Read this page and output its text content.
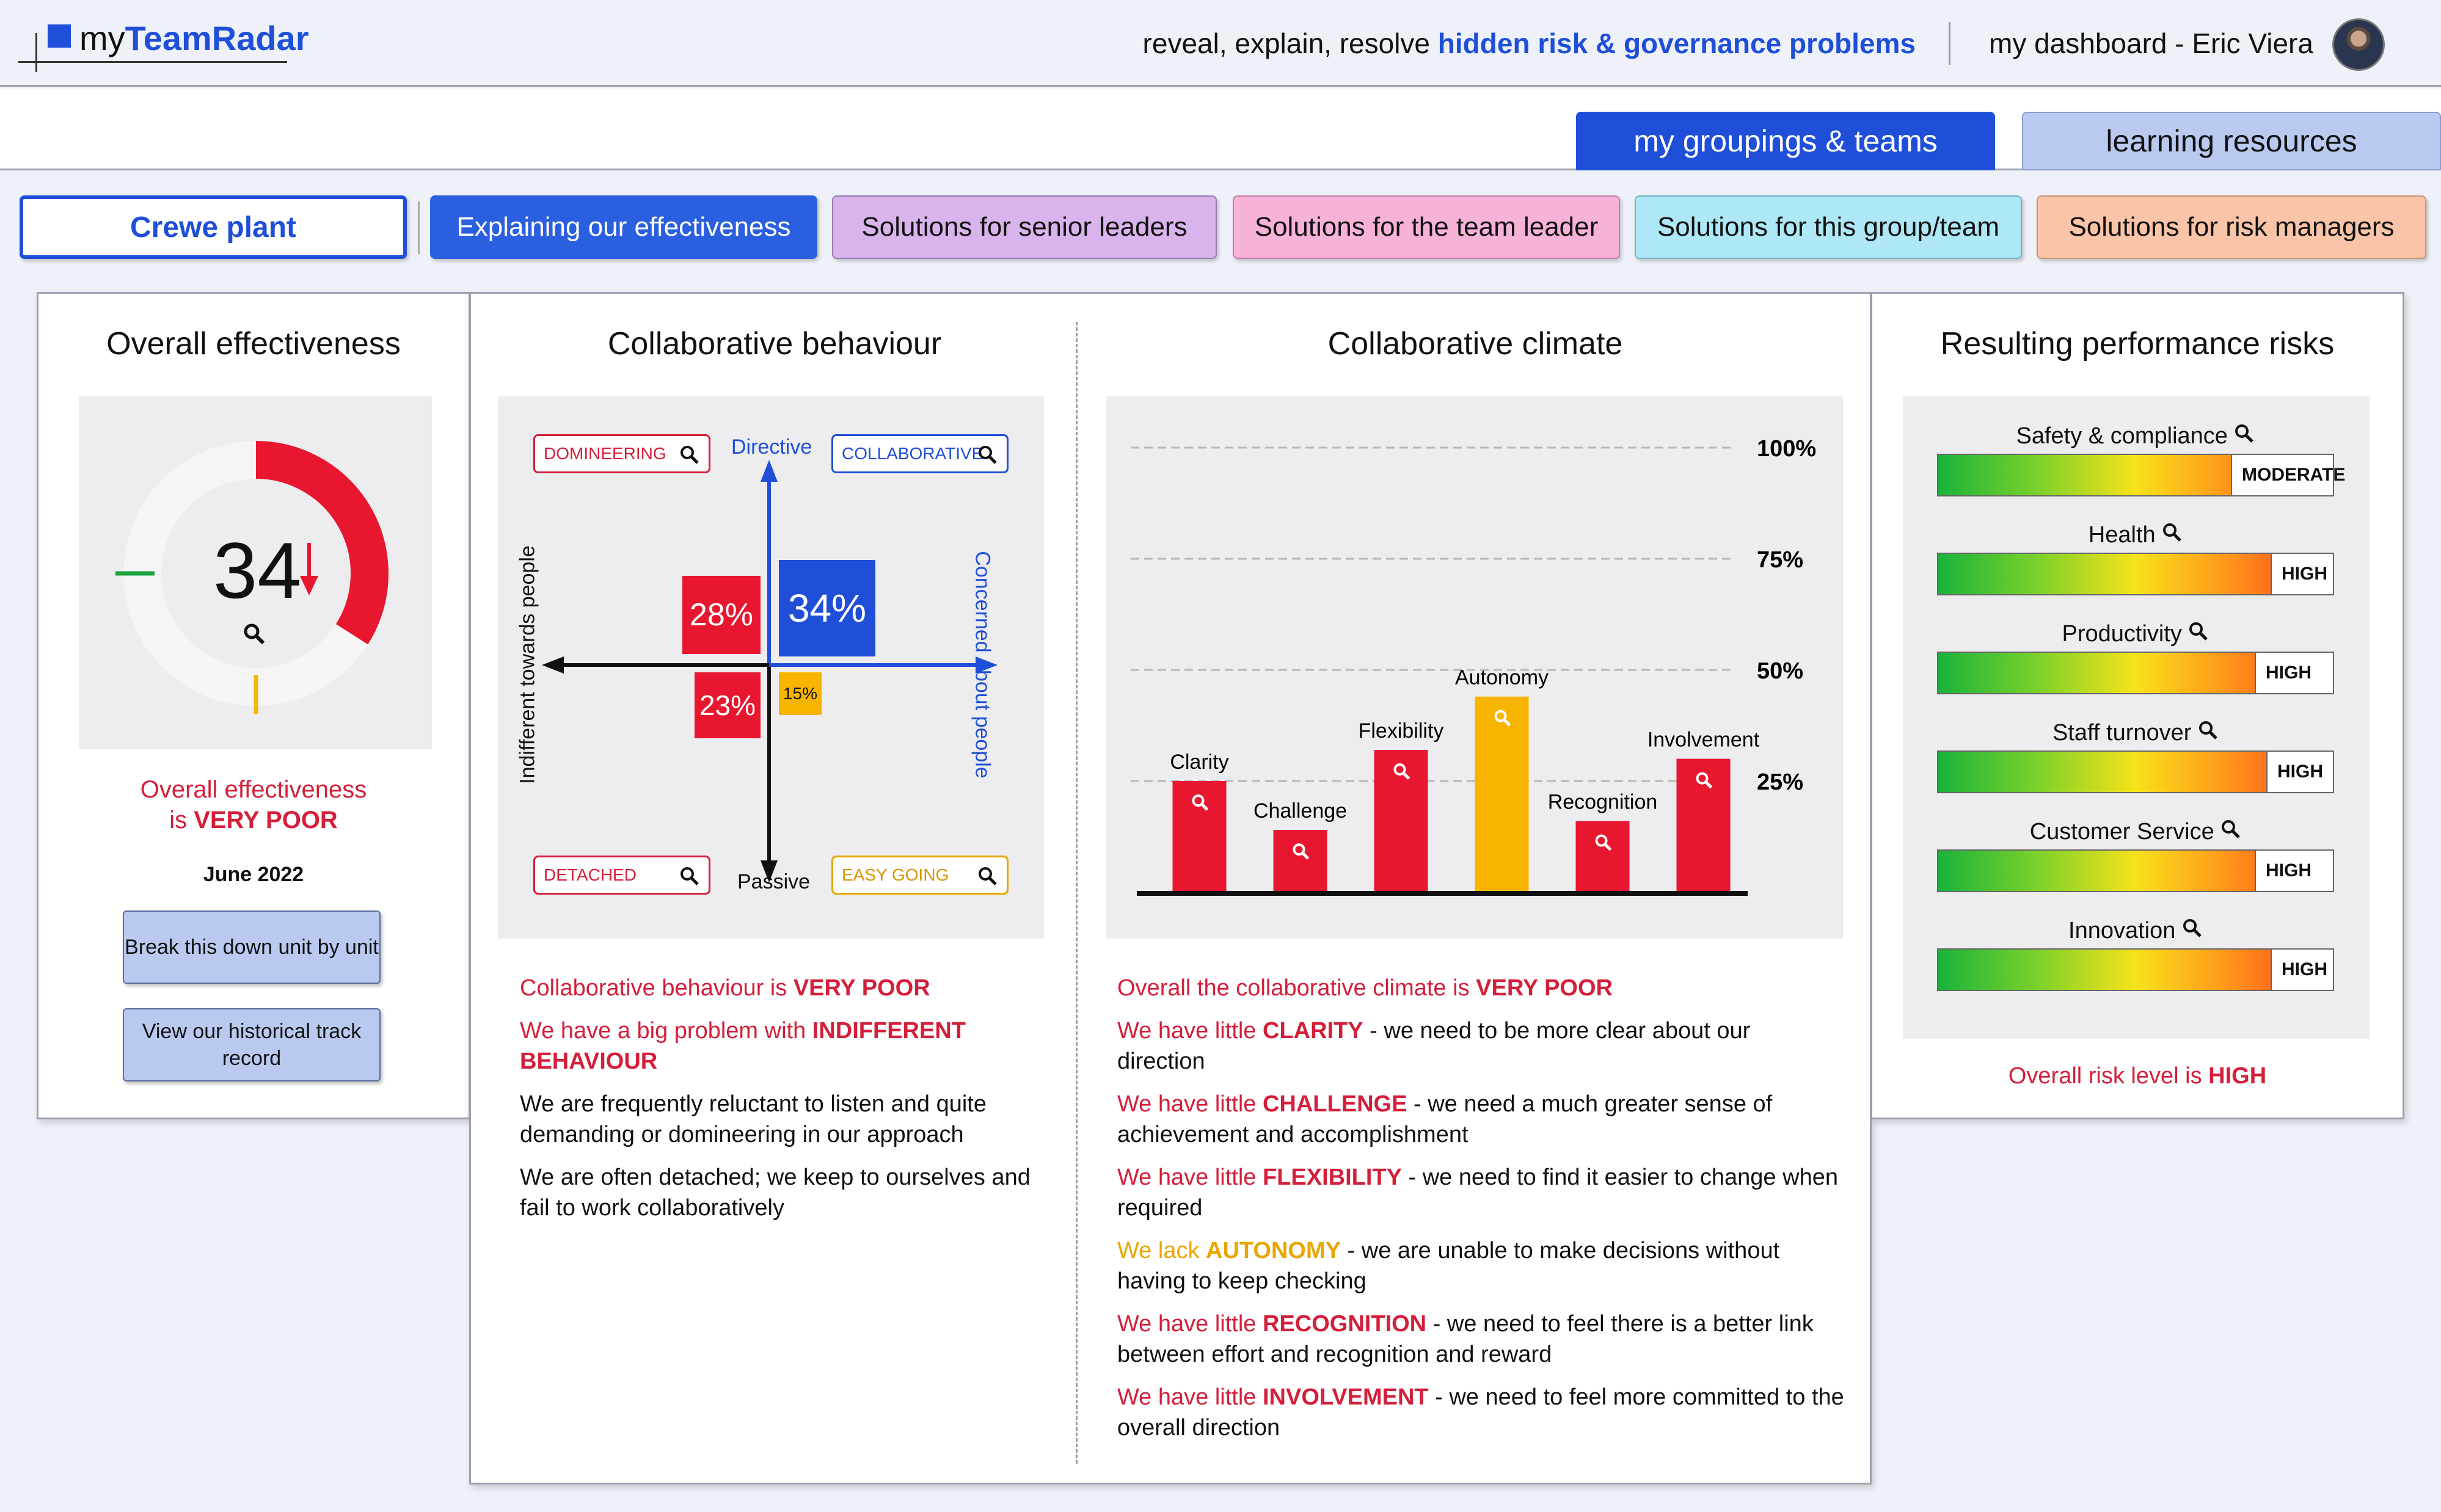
myTeamRadar	reveal, explain, resolve hidden risk & governance problems	my dashboard - Eric Viera
my groupings & teams	learning resources
Crewe plant	Explaining our effectiveness	Solutions for senior leaders	Solutions for the team leader	Solutions for this group/team	Solutions for risk managers
Overall effectiveness
34
Overall effectiveness
is VERY POOR
June 2022
Break this down unit by unit
View our historical track record
Collaborative behaviour
DOMINEERING	COLLABORATIVE
DETACHED	EASY GOING
Directive
Passive
Indifferent towards people	Concerned about people
28% 34%
23% 15%
Collaborative behaviour is VERY POOR
We have a big problem with INDIFFERENT BEHAVIOUR
We are frequently reluctant to listen and quite demanding or domineering in our approach
We are often detached; we keep to ourselves and fail to work collaboratively
Collaborative climate
25%
50%
75%
100%
Clarity
Challenge
Flexibility
Autonomy
Recognition
Involvement
Overall the collaborative climate is VERY POOR
We have little CLARITY - we need to be more clear about our direction
We have little CHALLENGE - we need a much greater sense of achievement and accomplishment
We have little FLEXIBILITY - we need to find it easier to change when required
We lack AUTONOMY - we are unable to make decisions without having to keep checking
We have little RECOGNITION - we need to feel there is a better link between effort and recognition and reward
We have little INVOLVEMENT - we need to feel more committed to the overall direction
Resulting performance risks
Safety & compliance
MODERATE
Health
HIGH
Productivity
HIGH
Staff turnover
HIGH
Customer Service
HIGH
Innovation
HIGH
Overall risk level is HIGH
